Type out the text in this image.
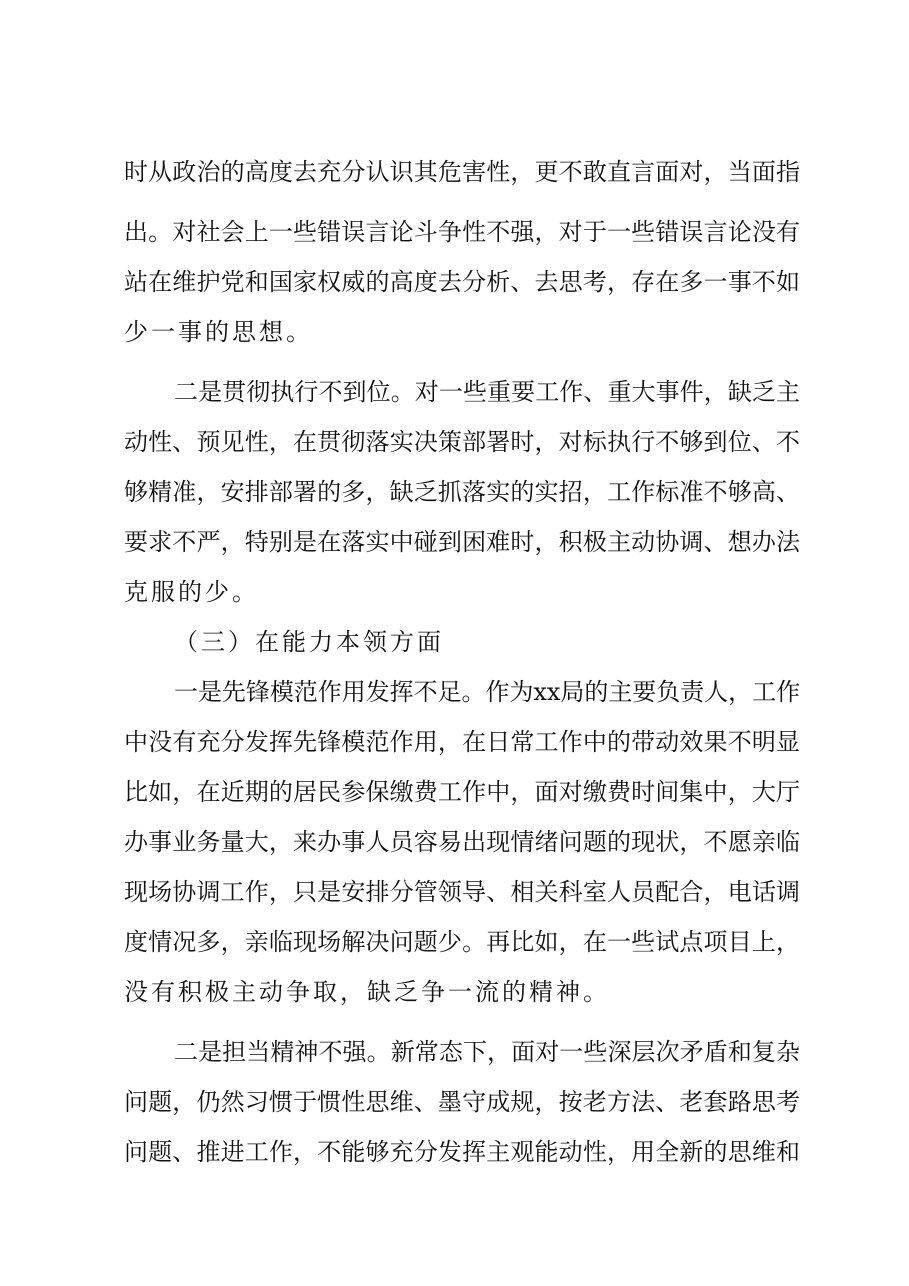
时从政治的高度去充分认识其危害性，更不敢直言面对，当面指
出。对社会上一些错误言论斗争性不强，对于一些错误言论没有
站在维护党和国家权威的高度去分析、去思考，存在多一事不如
少一事的思想。
二是贯彻执行不到位。对一些重要工作、重大事件，缺乏主
动性、预见性，在贯彻落实决策部署时，对标执行不够到位、不
够精准，安排部署的多，缺乏抓落实的实招，工作标准不够高、
要求不严，特别是在落实中碰到困难时，积极主动协调、想办法
克服的少。
（三）在能力本领方面
一是先锋模范作用发挥不足。作为xx局的主要负责人，工作
中没有充分发挥先锋模范作用，在日常工作中的带动效果不明显
比如，在近期的居民参保缴费工作中，面对缴费时间集中，大厅
办事业务量大，来办事人员容易出现情绪问题的现状，不愿亲临
现场协调工作，只是安排分管领导、相关科室人员配合，电话调
度情况多，亲临现场解决问题少。再比如，在一些试点项目上，
没有积极主动争取，缺乏争一流的精神。
二是担当精神不强。新常态下，面对一些深层次矛盾和复杂
问题，仍然习惯于惯性思维、墨守成规，按老方法、老套路思考
问题、推进工作，不能够充分发挥主观能动性，用全新的思维和
